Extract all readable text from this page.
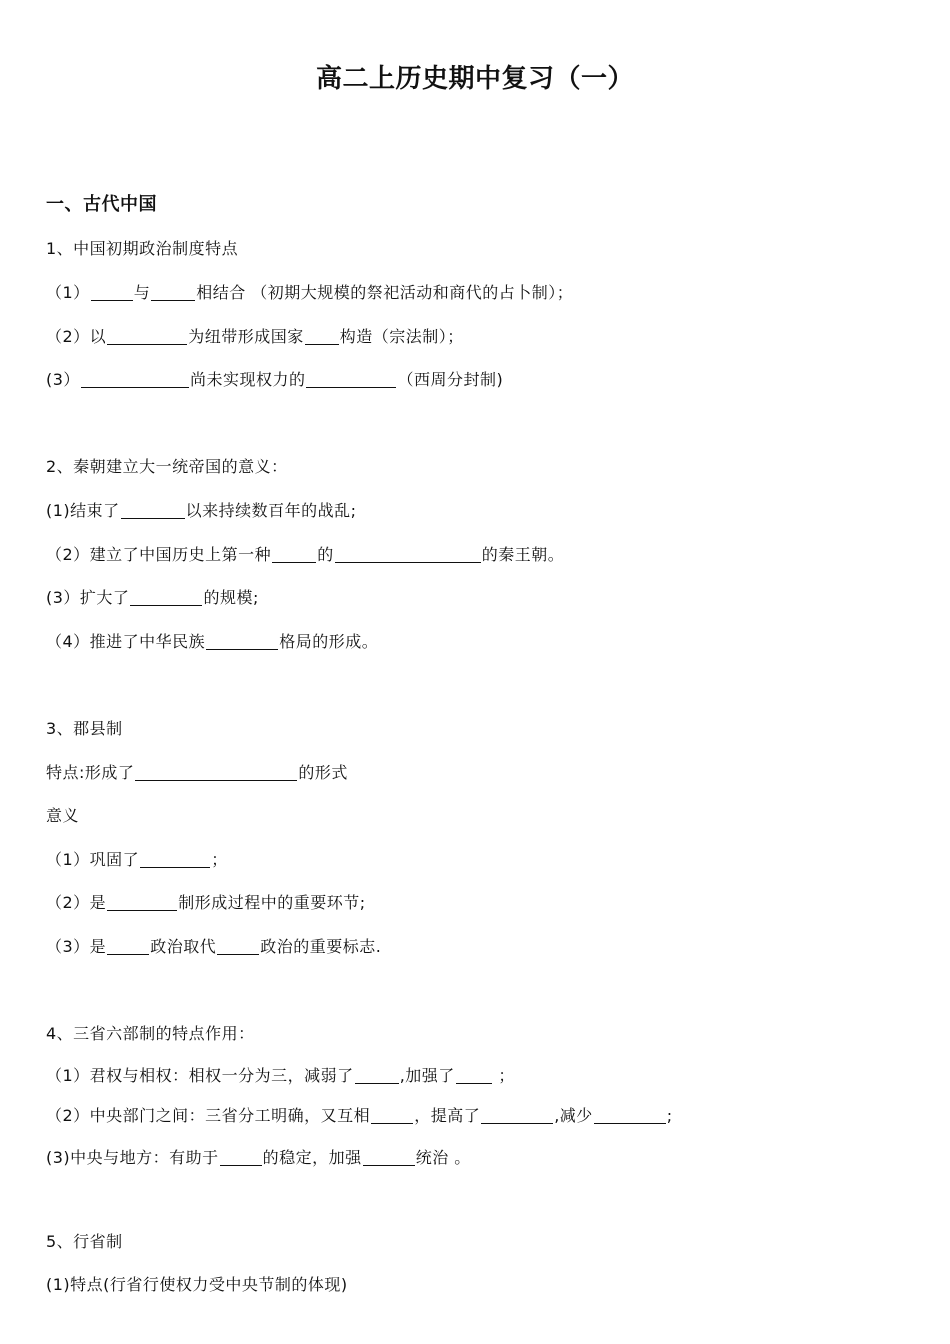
高二上历史期中复习（一）
一、古代中国
1、中国初期政治制度特点
（1）	与	相结合 （初期大规模的祭祀活动和商代的占卜制）；
（2）以	为纽带形成国家 构造（宗法制）；
(3）	尚未实现权力的	（西周分封制)
2、秦朝建立大一统帝国的意义：
(1)结束了	以来持续数百年的战乱;
（2）建立了中国历史上第一种	的	的秦王朝。
(3）扩大了	的规模;
（4）推进了中华民族	格局的形成。
3、郡县制
特点:形成了	的形式
意义
（1）巩固了	；
（2）是	制形成过程中的重要环节;
（3）是	政治取代	政治的重要标志.
4、三省六部制的特点作用：
（1）君权与相权：相权一分为三，减弱了	,加强了 ；
（2）中央部门之间：三省分工明确，又互相	，提高了	,减少	;
(3)中央与地方：有助于	的稳定，加强	统治 。
5、行省制
(1)特点(行省行使权力受中央节制的体现)
